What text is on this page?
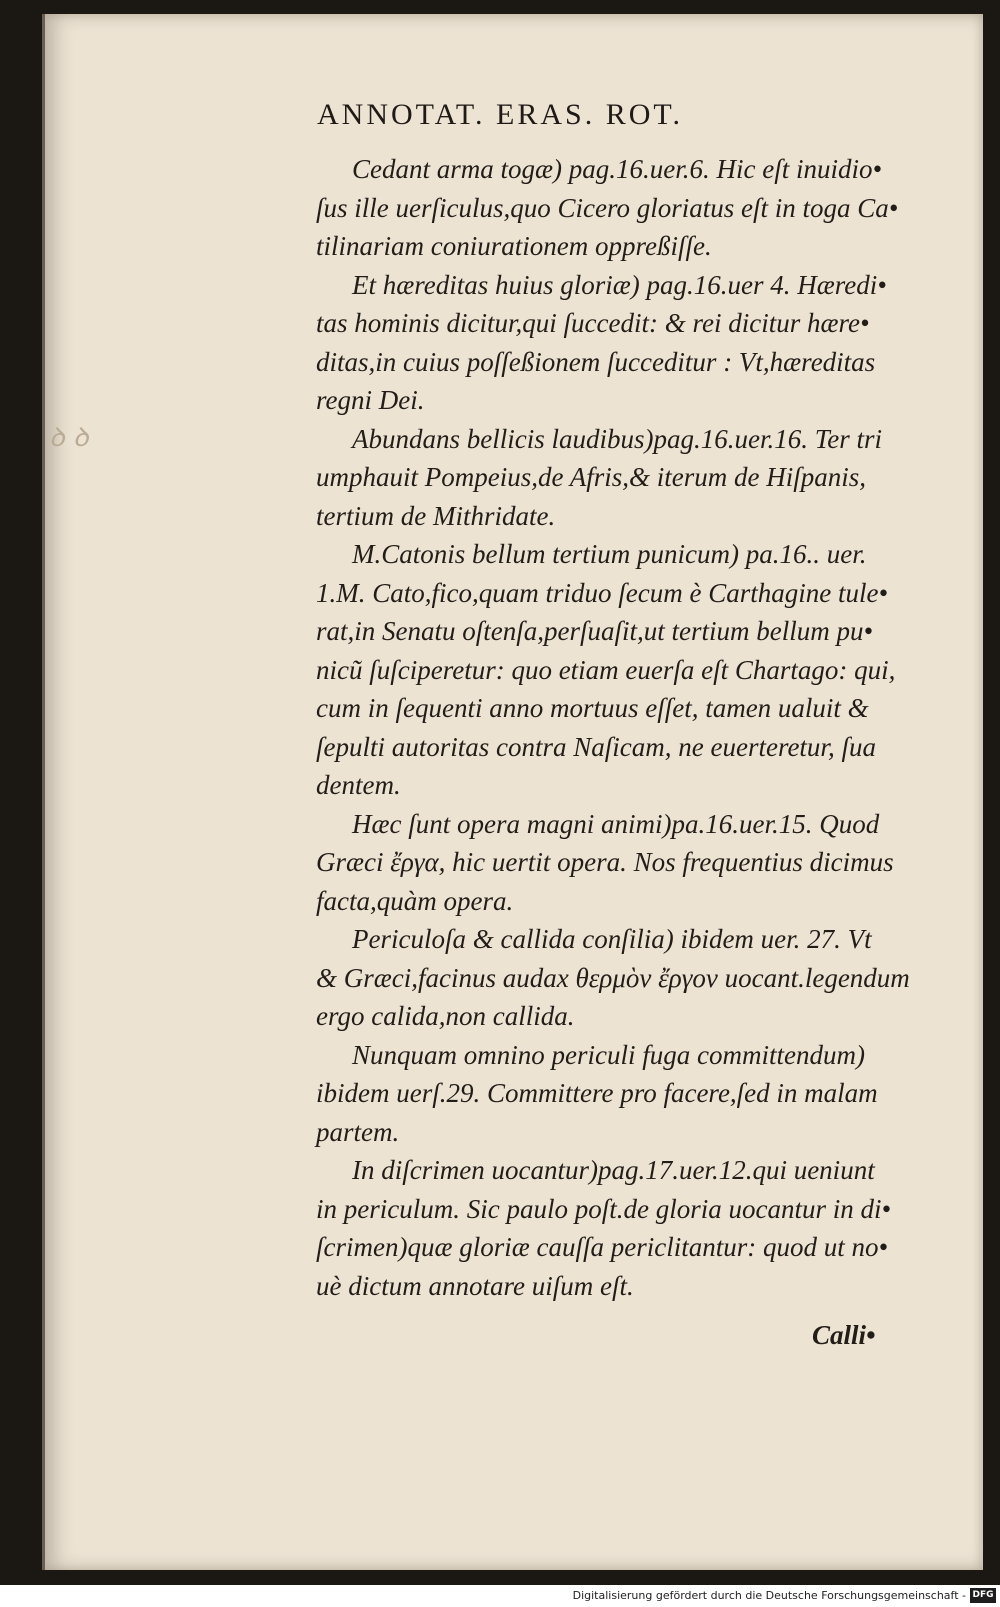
ꝺ ꝺ
ANNOTAT. ERAS. ROT.
Cedant arma togæ) pag.16.uer.6. Hic eſt inuidio•
ſus ille uerſiculus,quo Cicero gloriatus eſt in toga Ca•
tilinariam coniurationem oppreßiſſe.
Et hæreditas huius gloriæ) pag.16.uer 4. Hæredi•
tas hominis dicitur,qui ſuccedit: & rei dicitur hære•
ditas,in cuius poſſeßionem ſucceditur : Vt,hæreditas
regni Dei.
Abundans bellicis laudibus)pag.16.uer.16. Ter tri
umphauit Pompeius,de Afris,& iterum de Hiſpanis,
tertium de Mithridate.
M.Catonis bellum tertium punicum) pa.16.. uer.
1.M. Cato,fico,quam triduo ſecum è Carthagine tule•
rat,in Senatu oſtenſa,perſuaſit,ut tertium bellum pu•
nicũ ſuſciperetur: quo etiam euerſa eſt Chartago: qui,
cum in ſequenti anno mortuus eſſet, tamen ualuit &
ſepulti autoritas contra Naſicam, ne euerteretur, ſua
dentem.
Hæc ſunt opera magni animi)pa.16.uer.15. Quod
Græci ἔργα, hic uertit opera. Nos frequentius dicimus
facta,quàm opera.
Periculoſa & callida conſilia) ibidem uer. 27. Vt
& Græci,facinus audax θερμὸν ἔργον uocant.legendum
ergo calida,non callida.
Nunquam omnino periculi fuga committendum)
ibidem uerſ.29. Committere pro facere,ſed in malam
partem.
In diſcrimen uocantur)pag.17.uer.12.qui ueniunt
in periculum. Sic paulo poſt.de gloria uocantur in di•
ſcrimen)quæ gloriæ cauſſa periclitantur: quod ut no•
uè dictum annotare uiſum eſt.
Calli•
Digitalisierung gefördert durch die Deutsche Forschungsgemeinschaft - DFG
